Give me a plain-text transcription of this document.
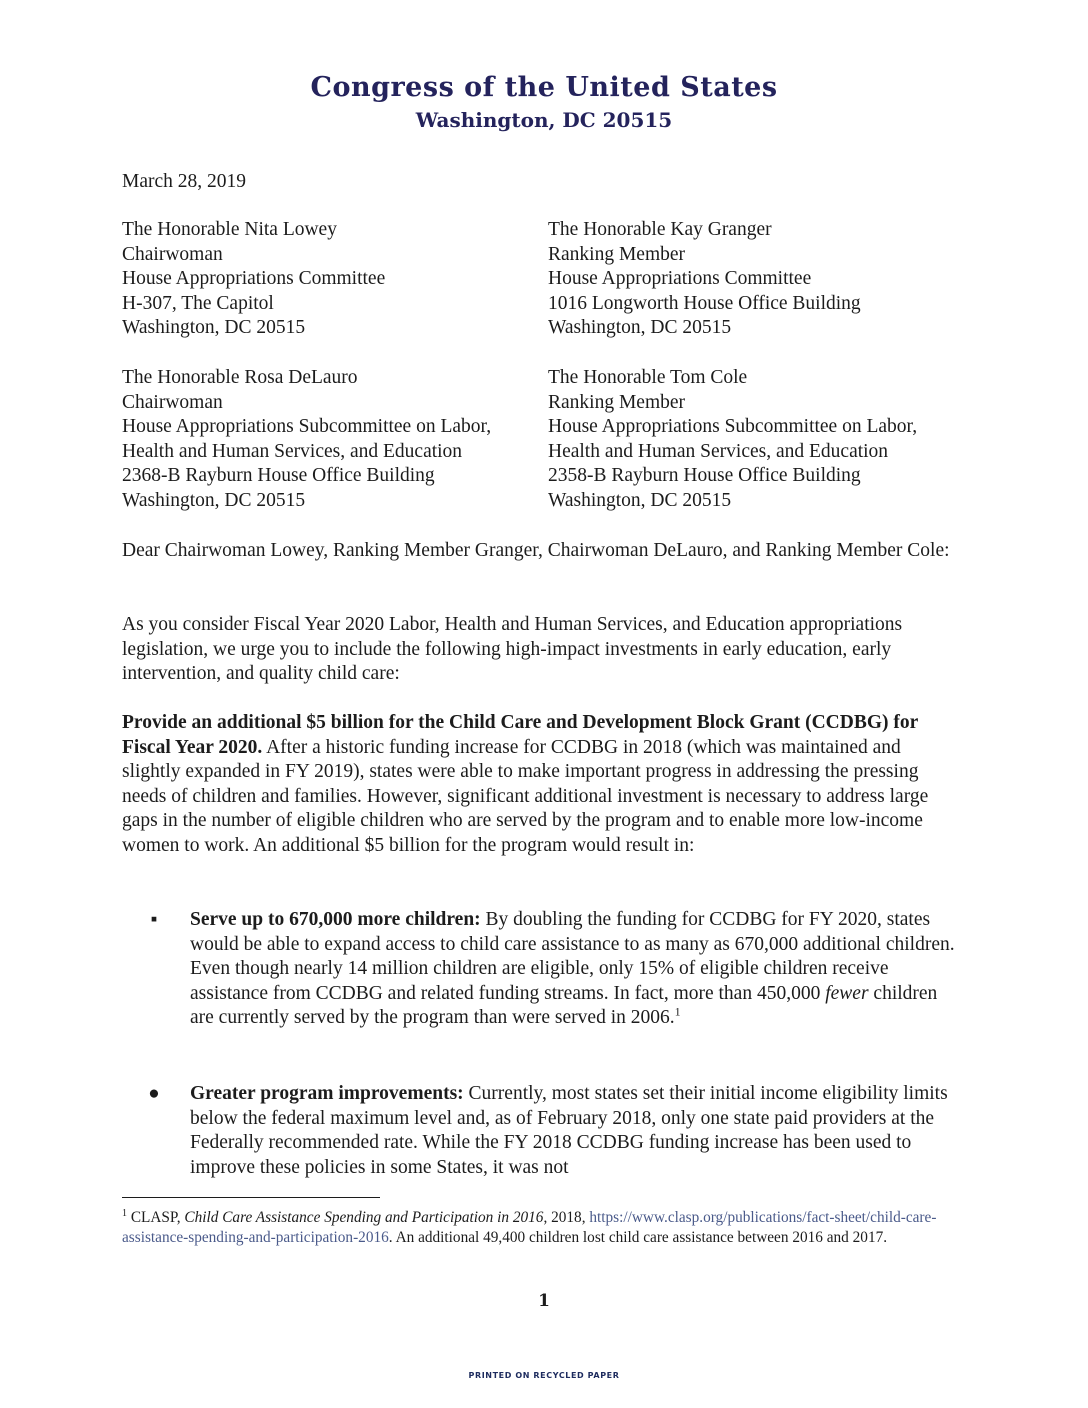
Congress of the United States
Washington, DC 20515
March 28, 2019
The Honorable Nita Lowey
Chairwoman
House Appropriations Committee
H-307, The Capitol
Washington, DC 20515
The Honorable Kay Granger
Ranking Member
House Appropriations Committee
1016 Longworth House Office Building
Washington, DC 20515
The Honorable Rosa DeLauro
Chairwoman
House Appropriations Subcommittee on Labor,
Health and Human Services, and Education
2368-B Rayburn House Office Building
Washington, DC 20515
The Honorable Tom Cole
Ranking Member
House Appropriations Subcommittee on Labor,
Health and Human Services, and Education
2358-B Rayburn House Office Building
Washington, DC 20515

Dear Chairwoman Lowey, Ranking Member Granger, Chairwoman DeLauro, and Ranking Member Cole:

As you consider Fiscal Year 2020 Labor, Health and Human Services, and Education appropriations legislation, we urge you to include the following high-impact investments in early education, early intervention, and quality child care:

Provide an additional $5 billion for the Child Care and Development Block Grant (CCDBG) for Fiscal Year 2020. After a historic funding increase for CCDBG in 2018 (which was maintained and slightly expanded in FY 2019), states were able to make important progress in addressing the pressing needs of children and families. However, significant additional investment is necessary to address large gaps in the number of eligible children who are served by the program and to enable more low-income women to work. An additional $5 billion for the program would result in:

▪ Serve up to 670,000 more children: By doubling the funding for CCDBG for FY 2020, states would be able to expand access to child care assistance to as many as 670,000 additional children. Even though nearly 14 million children are eligible, only 15% of eligible children receive assistance from CCDBG and related funding streams. In fact, more than 450,000 fewer children are currently served by the program than were served in 2006.$^1$
● Greater program improvements: Currently, most states set their initial income eligibility limits below the federal maximum level and, as of February 2018, only one state paid providers at the Federally recommended rate. While the FY 2018 CCDBG funding increase has been used to improve these policies in some States, it was not
$^1$ CLASP, Child Care Assistance Spending and Participation in 2016, 2018, https://www.clasp.org/publications/fact-sheet/child-care-assistance-spending-and-participation-2016. An additional 49,400 children lost child care assistance between 2016 and 2017.
1
PRINTED ON RECYCLED PAPER
